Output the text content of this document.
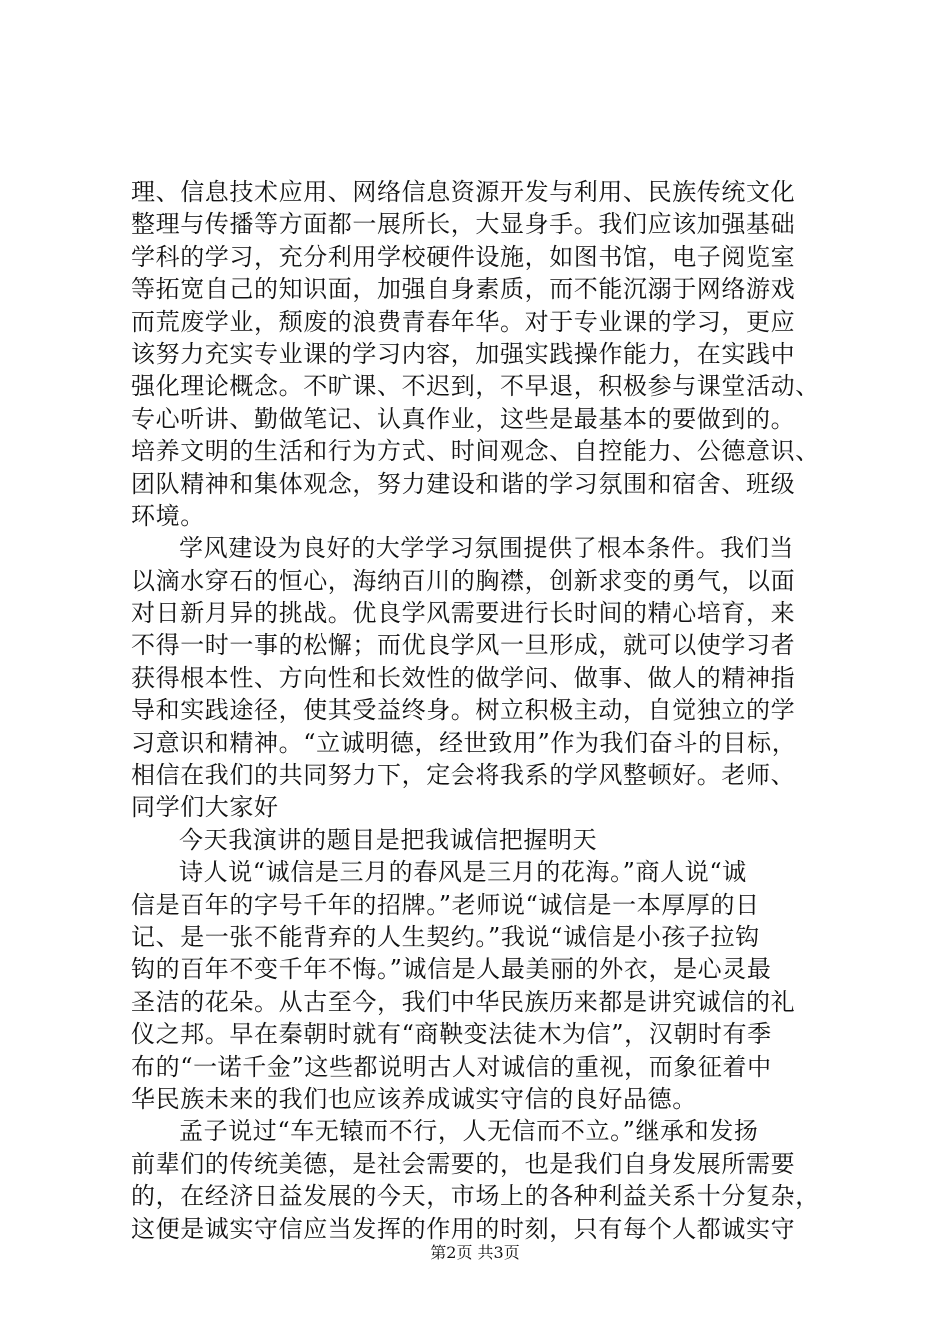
理、信息技术应用、网络信息资源开发与利用、民族传统文化
整理与传播等方面都一展所长，大显身手。我们应该加强基础
学科的学习，充分利用学校硬件设施，如图书馆，电子阅览室
等拓宽自己的知识面，加强自身素质，而不能沉溺于网络游戏
而荒废学业，颓废的浪费青春年华。对于专业课的学习，更应
该努力充实专业课的学习内容，加强实践操作能力，在实践中
强化理论概念。不旷课、不迟到，不早退，积极参与课堂活动、
专心听讲、勤做笔记、认真作业，这些是最基本的要做到的。
培养文明的生活和行为方式、时间观念、自控能力、公德意识、
团队精神和集体观念，努力建设和谐的学习氛围和宿舍、班级
环境。
学风建设为良好的大学学习氛围提供了根本条件。我们当
以滴水穿石的恒心，海纳百川的胸襟，创新求变的勇气，以面
对日新月异的挑战。优良学风需要进行长时间的精心培育，来
不得一时一事的松懈；而优良学风一旦形成，就可以使学习者
获得根本性、方向性和长效性的做学问、做事、做人的精神指
导和实践途径，使其受益终身。树立积极主动，自觉独立的学
习意识和精神。“立诚明德，经世致用”作为我们奋斗的目标，
相信在我们的共同努力下，定会将我系的学风整顿好。老师、
同学们大家好
今天我演讲的题目是把我诚信把握明天
诗人说“诚信是三月的春风是三月的花海。”商人说“诚
信是百年的字号千年的招牌。”老师说“诚信是一本厚厚的日
记、是一张不能背弃的人生契约。”我说“诚信是小孩子拉钩
钩的百年不变千年不悔。”诚信是人最美丽的外衣，是心灵最
圣洁的花朵。从古至今，我们中华民族历来都是讲究诚信的礼
仪之邦。早在秦朝时就有“商鞅变法徒木为信”，汉朝时有季
布的“一诺千金”这些都说明古人对诚信的重视，而象征着中
华民族未来的我们也应该养成诚实守信的良好品德。
孟子说过“车无辕而不行，人无信而不立。”继承和发扬
前辈们的传统美德，是社会需要的，也是我们自身发展所需要
的，在经济日益发展的今天，市场上的各种利益关系十分复杂，
这便是诚实守信应当发挥的作用的时刻，只有每个人都诚实守
第2页 共3页
